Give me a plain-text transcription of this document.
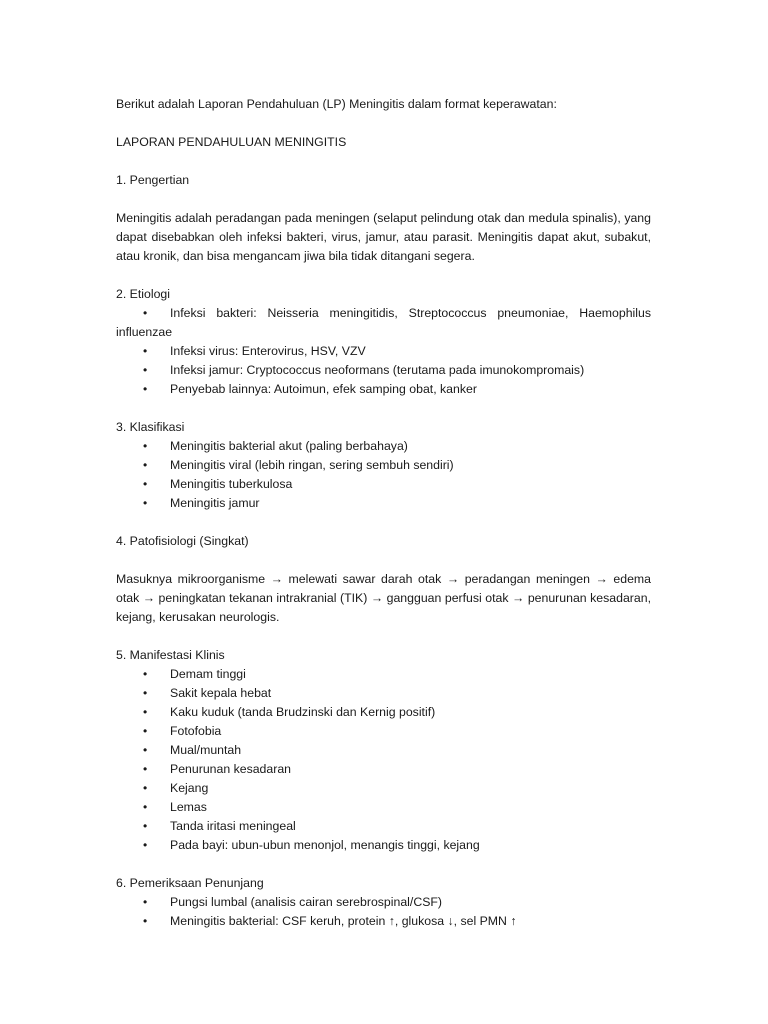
Berikut adalah Laporan Pendahuluan (LP) Meningitis dalam format keperawatan:

LAPORAN PENDAHULUAN MENINGITIS

1. Pengertian

Meningitis adalah peradangan pada meningen (selaput pelindung otak dan medula spinalis), yang dapat disebabkan oleh infeksi bakteri, virus, jamur, atau parasit. Meningitis dapat akut, subakut, atau kronik, dan bisa mengancam jiwa bila tidak ditangani segera.

2. Etiologi

• Infeksi bakteri: Neisseria meningitidis, Streptococcus pneumoniae, Haemophilus influenzae
• Infeksi virus: Enterovirus, HSV, VZV
• Infeksi jamur: Cryptococcus neoformans (terutama pada imunokompromais)
• Penyebab lainnya: Autoimun, efek samping obat, kanker

3. Klasifikasi

• Meningitis bakterial akut (paling berbahaya)
• Meningitis viral (lebih ringan, sering sembuh sendiri)
• Meningitis tuberkulosa
• Meningitis jamur

4. Patofisiologi (Singkat)

Masuknya mikroorganisme → melewati sawar darah otak → peradangan meningen → edema otak → peningkatan tekanan intrakranial (TIK) → gangguan perfusi otak → penurunan kesadaran, kejang, kerusakan neurologis.

5. Manifestasi Klinis

• Demam tinggi
• Sakit kepala hebat
• Kaku kuduk (tanda Brudzinski dan Kernig positif)
• Fotofobia
• Mual/muntah
• Penurunan kesadaran
• Kejang
• Lemas
• Tanda iritasi meningeal
• Pada bayi: ubun-ubun menonjol, menangis tinggi, kejang

6. Pemeriksaan Penunjang

• Pungsi lumbal (analisis cairan serebrospinal/CSF)
• Meningitis bakterial: CSF keruh, protein ↑, glukosa ↓, sel PMN ↑
